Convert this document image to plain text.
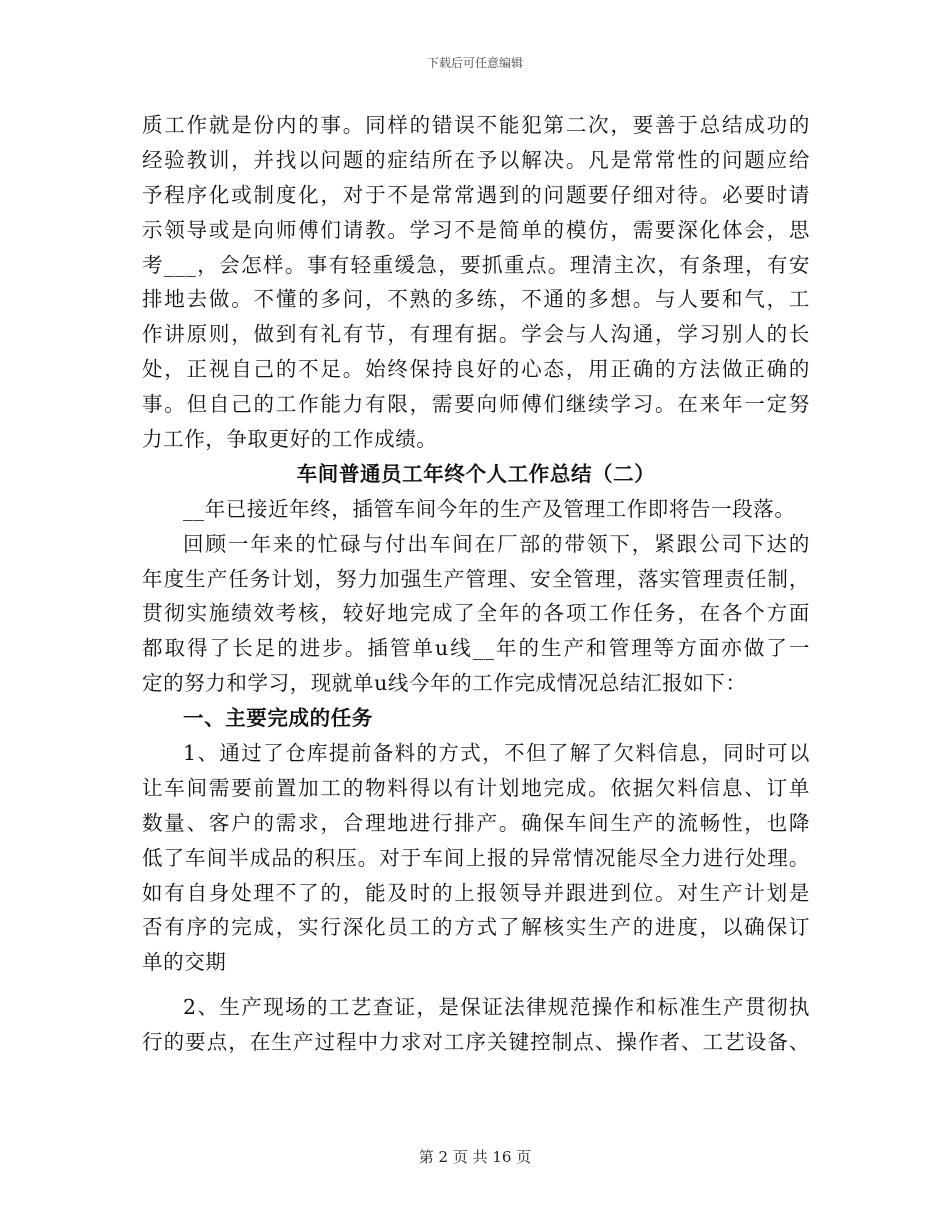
下载后可任意编辑
质工作就是份内的事。同样的错误不能犯第二次，要善于总结成功的
经验教训，并找以问题的症结所在予以解决。凡是常常性的问题应给
予程序化或制度化，对于不是常常遇到的问题要仔细对待。必要时请
示领导或是向师傅们请教。学习不是简单的模仿，需要深化体会，思
考___，会怎样。事有轻重缓急，要抓重点。理清主次，有条理，有安
排地去做。不懂的多问，不熟的多练，不通的多想。与人要和气，工
作讲原则，做到有礼有节，有理有据。学会与人沟通，学习别人的长
处，正视自己的不足。始终保持良好的心态，用正确的方法做正确的
事。但自己的工作能力有限，需要向师傅们继续学习。在来年一定努
力工作，争取更好的工作成绩。
车间普通员工年终个人工作总结（二）
__年已接近年终，插管车间今年的生产及管理工作即将告一段落。
回顾一年来的忙碌与付出车间在厂部的带领下，紧跟公司下达的
年度生产任务计划，努力加强生产管理、安全管理，落实管理责任制，
贯彻实施绩效考核，较好地完成了全年的各项工作任务，在各个方面
都取得了长足的进步。插管单u线__年的生产和管理等方面亦做了一
定的努力和学习，现就单u线今年的工作完成情况总结汇报如下：
一、主要完成的任务
1、通过了仓库提前备料的方式，不但了解了欠料信息，同时可以
让车间需要前置加工的物料得以有计划地完成。依据欠料信息、订单
数量、客户的需求，合理地进行排产。确保车间生产的流畅性，也降
低了车间半成品的积压。对于车间上报的异常情况能尽全力进行处理。
如有自身处理不了的，能及时的上报领导并跟进到位。对生产计划是
否有序的完成，实行深化员工的方式了解核实生产的进度，以确保订
单的交期
2、生产现场的工艺查证，是保证法律规范操作和标准生产贯彻执
行的要点，在生产过程中力求对工序关键控制点、操作者、工艺设备、
第 2 页 共 16 页
